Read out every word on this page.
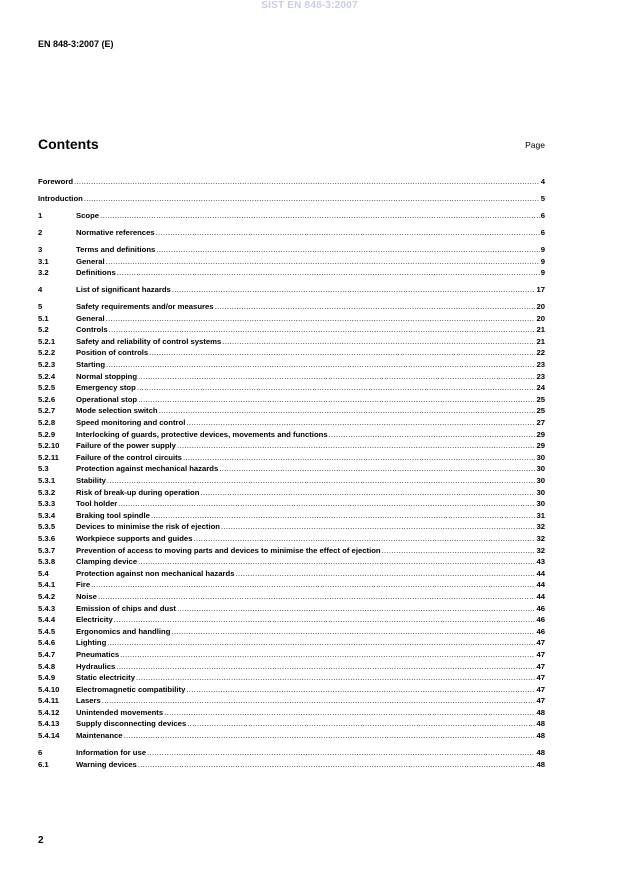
SIST EN 848-3:2007
EN 848-3:2007 (E)
Contents	Page
Foreword .....	4
Introduction .....	5
1	Scope .....	6
2	Normative references .....	6
3	Terms and definitions .....	9
3.1	General .....	9
3.2	Definitions .....	9
4	List of significant hazards .....	17
5	Safety requirements and/or measures .....	20
5.1	General .....	20
5.2	Controls .....	21
5.2.1	Safety and reliability of control systems .....	21
5.2.2	Position of controls .....	22
5.2.3	Starting .....	23
5.2.4	Normal stopping .....	23
5.2.5	Emergency stop .....	24
5.2.6	Operational stop .....	25
5.2.7	Mode selection switch .....	25
5.2.8	Speed monitoring and control .....	27
5.2.9	Interlocking of guards, protective devices, movements and functions .....	29
5.2.10	Failure of the power supply .....	29
5.2.11	Failure of the control circuits .....	30
5.3	Protection against mechanical hazards .....	30
5.3.1	Stability .....	30
5.3.2	Risk of break-up during operation .....	30
5.3.3	Tool holder .....	30
5.3.4	Braking tool spindle .....	31
5.3.5	Devices to minimise the risk of ejection .....	32
5.3.6	Workpiece supports and guides .....	32
5.3.7	Prevention of access to moving parts and devices to minimise the effect of ejection .....	32
5.3.8	Clamping device .....	43
5.4	Protection against non mechanical hazards .....	44
5.4.1	Fire .....	44
5.4.2	Noise .....	44
5.4.3	Emission of chips and dust .....	46
5.4.4	Electricity .....	46
5.4.5	Ergonomics and handling .....	46
5.4.6	Lighting .....	47
5.4.7	Pneumatics .....	47
5.4.8	Hydraulics .....	47
5.4.9	Static electricity .....	47
5.4.10	Electromagnetic compatibility .....	47
5.4.11	Lasers .....	47
5.4.12	Unintended movements .....	48
5.4.13	Supply disconnecting devices .....	48
5.4.14	Maintenance .....	48
6	Information for use .....	48
6.1	Warning devices .....	48
2
